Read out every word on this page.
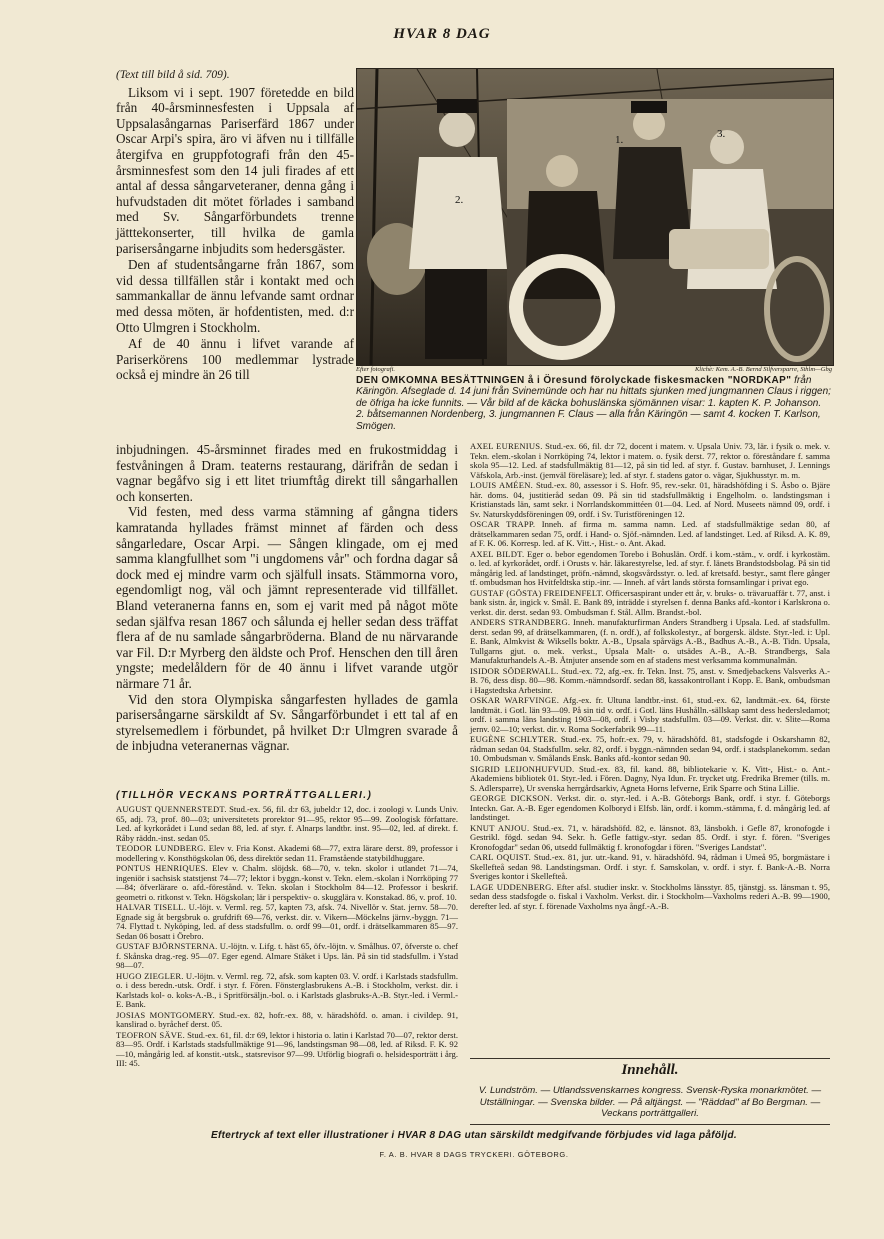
HVAR 8 DAG

(Text till bild å sid. 709).

Liksom vi i sept. 1907 företedde en bild från 40-årsminnesfesten i Uppsala af Uppsalasångarnas Pariserfärd 1867 under Oscar Arpi's spira, äro vi äfven nu i tillfälle återgifva en gruppfotografi från den 45-årsminnesfest som den 14 juli firades af ett antal af dessa sångarveteraner, denna gång i hufvudstaden dit mötet förlades i samband med Sv. Sångarförbundets trenne jätttekonserter, till hvilka de gamla parisersångarne inbjudits som hedersgäster.

Den af studentsångarne från 1867, som vid dessa tillfällen står i kontakt med och sammankallar de ännu lefvande samt ordnar med dessa möten, är hofdentisten, med. d:r Otto Ulmgren i Stockholm.

Af de 40 ännu i lifvet varande af Pariserkörens 100 medlemmar lystrade också ej mindre än 26 till

2.
1.	3.
Efter fotografi.	Klichè: Kem. A.-B. Bernd Silfversparre, Sthlm—Gbg
DEN OMKOMNA BESÄTTNINGEN å i Öresund förolyckade fiskesmacken "NORDKAP" från Käringön. Afseglade d. 14 juni från Svinemünde och har nu hittats sjunken med jungmannen Claus i riggen; de öfriga ha icke funnits. — Vår bild af de käcka bohuslänska sjömännen visar: 1. kapten K. P. Johanson. 2. båtsemannen Nordenberg, 3. jungmannen F. Claus — alla från Käringön — samt 4. kocken T. Karlson, Smögen.

inbjudningen. 45-årsminnet firades med en frukostmiddag i festvåningen å Dram. teaterns restaurang, därifrån de sedan i vagnar begåfvo sig i ett litet triumftåg direkt till sångarhallen och konserten.

Vid festen, med dess varma stämning af gångna tiders kamratanda hyllades främst minnet af färden och dess sångarledare, Oscar Arpi. — Sången klingade, om ej med samma klangfullhet som "i ungdomens vår" och fordna dagar så dock med ej mindre varm och själfull insats. Stämmorna voro, egendomligt nog, väl och jämnt representerade vid tillfället. Bland veteranerna fanns en, som ej varit med på något möte sedan själfva resan 1867 och sålunda ej heller sedan dess träffat flera af de nu samlade sångarbröderna. Bland de nu närvarande var Fil. D:r Myrberg den äldste och Prof. Henschen den till åren yngste; medelåldern för de 40 ännu i lifvet varande utgör närmare 71 år.

Vid den stora Olympiska sångarfesten hyllades de gamla parisersångarne särskildt af Sv. Sångarförbundet i ett tal af en styrelsemedlem i förbundet, på hvilket D:r Ulmgren svarade å de inbjudna veteranernas vägnar.

(TILLHÖR VECKANS PORTRÄTTGALLERI.)

AUGUST QUENNERSTEDT. Stud.-ex. 56, fil. d:r 63, jubeld:r 12, doc. i zoologi v. Lunds Univ. 65, adj. 73, prof. 80—03; universitetets prorektor 91—95, rektor 95—99. Zoologisk författare. Led. af kyrkorådet i Lund sedan 88, led. af styr. f. Alnarps landtbr. inst. 95—02, led. af direkt. f. Råby räddn.-inst. sedan 05.

TEODOR LUNDBERG. Elev v. Fria Konst. Akademi 68—77, extra lärare derst. 89, professor i modellering v. Konsthögskolan 06, dess direktör sedan 11. Framstående statybildhuggare.

PONTUS HENRIQUES. Elev v. Chalm. slöjdsk. 68—70, v. tekn. skolor i utlandet 71—74, ingeniör i sachsisk statstjenst 74—77; lektor i byggn.-konst v. Tekn. elem.-skolan i Norrköping 77—84; öfverlärare o. afd.-förestånd. v. Tekn. skolan i Stockholm 84—12. Professor i beskrif. geometri o. ritkonst v. Tekn. Högskolan; lär i perspektiv- o. skugglära v. Konstakad. 86, v. prof. 10.

HALVAR TISELL. U.-löjt. v. Verml. reg. 57, kapten 73, afsk. 74. Nivellör v. Stat. jernv. 58—70. Egnade sig åt bergsbruk o. grufdrift 69—76, verkst. dir. v. Vikern—Möckelns järnv.-byggn. 71—74. Flyttad t. Nyköping, led. af dess stadsfullm. o. ordf 99—01, ordf. i drätselkammaren 85—97. Sedan 06 bosatt i Örebro.

GUSTAF BJÖRNSTERNA. U.-löjtn. v. Lifg. t. häst 65, öfv.-löjtn. v. Smålhus. 07, öfverste o. chef f. Skånska drag.-reg. 95—07. Eger egend. Almare Stäket i Ups. län. På sin tid stadsfullm. i Ystad 98—07.

HUGO ZIEGLER. U.-löjtn. v. Verml. reg. 72, afsk. som kapten 03. V. ordf. i Karlstads stadsfullm. o. i dess beredn.-utsk. Ordf. i styr. f. Fören. Fönsterglasbrukens A.-B. i Stockholm, verkst. dir. i Karlstads kol- o. koks-A.-B., i Spritförsäljn.-bol. o. i Karlstads glasbruks-A.-B. Styr.-led. i Verml.-E. Bank.

JOSIAS MONTGOMERY. Stud.-ex. 82, hofr.-ex. 88, v. häradshöfd. o. aman. i civildep. 91, kanslirad o. byråchef derst. 05.

TEOFRON SÄVE. Stud.-ex. 61, fil. d:r 69, lektor i historia o. latin i Karlstad 70—07, rektor derst. 83—95. Ordf. i Karlstads stadsfullmäktige 91—96, landstingsman 98—08, led. af Riksd. F. K. 92—10, mångårig led. af konstit.-utsk., statsrevisor 97—99. Utförlig biografi o. helsidesporträtt i årg. III: 45.

AXEL EURENIUS. Stud.-ex. 66, fil. d:r 72, docent i matem. v. Upsala Univ. 73, lär. i fysik o. mek. v. Tekn. elem.-skolan i Norrköping 74, lektor i matem. o. fysik derst. 77, rektor o. föreståndare f. samma skola 95—12. Led. af stadsfullmäktig 81—12, på sin tid led. af styr. f. Gustav. barnhuset, J. Lennings Väfskola, Arb.-inst. (jemväl föreläsare); led. af styr. f. stadens gator o. vägar, Sjukhusstyr. m. m.

LOUIS AMÉEN. Stud.-ex. 80, assessor i S. Hofr. 95, rev.-sekr. 01, häradshöfding i S. Åsbo o. Bjäre här. doms. 04, justitieråd sedan 09. På sin tid stadsfullmäktig i Engelholm. o. landstingsman i Kristianstads län, samt sekr. i Norrlandskommittéen 01—04. Led. af Nord. Museets nämnd 09, ordf. i Sv. Naturskyddsföreningen 09, ordf. i Sv. Turistföreningen 12.

OSCAR TRAPP. Inneh. af firma m. samma namn. Led. af stadsfullmäktige sedan 80, af drätselkammaren sedan 75, ordf. i Hand- o. Sjöf.-nämnden. Led. af landstinget. Led. af Riksd. A. K. 89, af F. K. 06. Korresp. led. af K. Vitt.-, Hist.- o. Ant. Akad.

AXEL BILDT. Eger o. bebor egendomen Torebo i Bohuslän. Ordf. i kom.-stäm., v. ordf. i kyrkostäm. o. led. af kyrkorådet, ordf. i Orusts v. här. läkarestyrelse, led. af styr. f. länets Brandstodsbolag. På sin tid mångårig led. af landstinget, pröfn.-nämnd, skogsvårdsstyr. o. led. af kretsafd. bestyr., samt flere gånger tf. ombudsman hos Hvitfeldtska stip.-inr. — Inneh. af vårt lands största fornsamlingar i privat ego.

GUSTAF (GÖSTA) FREIDENFELT. Officersaspirant under ett år, v. bruks- o. trävaruaffär t. 77, anst. i bank sistn. år, ingick v. Smål. E. Bank 89, inträdde i styrelsen f. denna Banks afd.-kontor i Karlskrona o. verkst. dir. derst. sedan 93. Ombudsman f. Stål. Allm. Brandst.-bol.

ANDERS STRANDBERG. Inneh. manufakturfirman Anders Strandberg i Upsala. Led. af stadsfullm. derst. sedan 99, af drätselkammaren, (f. n. ordf.), af folkskolestyr., af borgersk. äldste. Styr.-led. i: Upl. E. Bank, Almkvist & Wiksells boktr. A.-B., Upsala spårvägs A.-B., Badhus A.-B., A.-B. Tidn. Upsala, Tullgarns gjut. o. mek. verkst., Upsala Malt- o. utsädes A.-B., A.-B. Strandbergs, Sala Manufakturhandels A.-B. Åtnjuter ansende som en af stadens mest verksamma kommunalmän.

ISIDOR SÖDERWALL. Stud.-ex. 72, afg.-ex. fr. Tekn. Inst. 75, anst. v. Smedjebackens Valsverks A.-B. 76, dess disp. 80—98. Komm.-nämndsordf. sedan 88, kassakontrollant i Kopp. E. Bank, ombudsman i Hagstedtska Arbetsinr.

OSKAR WARFVINGE. Afg.-ex. fr. Ultuna landtbr.-inst. 61, stud.-ex. 62, landtmät.-ex. 64, förste landtmät. i Gotl. län 93—09. På sin tid v. ordf. i Gotl. läns Hushålln.-sällskap samt dess hedersledamot; ordf. i samma läns landsting 1903—08, ordf. i Visby stadsfullm. 03—09. Verkst. dir. v. Slite—Roma jernv. 02—10; verkst. dir. v. Roma Sockerfabrik 99—11.

EUGÈNE SCHLYTER. Stud.-ex. 75, hofr.-ex. 79, v. häradshöfd. 81, stadsfogde i Oskarshamn 82, rådman sedan 04. Stadsfullm. sekr. 82, ordf. i byggn.-nämnden sedan 94, ordf. i stadsplanekomm. sedan 10. Ombudsman v. Smålands Ensk. Banks afd.-kontor sedan 90.

SIGRID LEIJONHUFVUD. Stud.-ex. 83, fil. kand. 88, bibliotekarie v. K. Vitt-, Hist.- o. Ant.-Akademiens bibliotek 01. Styr.-led. i Fören. Dagny, Nya Idun. Fr. trycket utg. Fredrika Bremer (tills. m. S. Adlersparre), Ur svenska herrgårdsarkiv, Agneta Horns lefverne, Erik Sparre och Stina Lillie.

GEORGE DICKSON. Verkst. dir. o. styr.-led. i A.-B. Göteborgs Bank, ordf. i styr. f. Göteborgs Inteckn. Gar. A.-B. Eger egendomen Kolboryd i Elfsb. län, ordf. i komm.-stämma, f. d. mångårig led. af landstinget.

KNUT ANJOU. Stud.-ex. 71, v. häradshöfd. 82, e. länsnot. 83, länsbokh. i Gefle 87, kronofogde i Gestrikl. fögd. sedan 94. Sekr. h. Gefle fattigv.-styr. sedan 85. Ordf. i styr. f. fören. "Sveriges Kronofogdar" sedan 06, utsedd fullmäktig f. kronofogdar i fören. "Sveriges Landstat".

CARL OQUIST. Stud.-ex. 81, jur. utr.-kand. 91, v. häradshöfd. 94, rådman i Umeå 95, borgmästare i Skellefteå sedan 98. Landstingsman. Ordf. i styr. f. Samskolan, v. ordf. i styr. f. Bank-A.-B. Norra Sveriges kontor i Skellefteå.

LAGE UDDENBERG. Efter afsl. studier inskr. v. Stockholms länsstyr. 85, tjänstgj. ss. länsman t. 95, sedan dess stadsfogde o. fiskal i Vaxholm. Verkst. dir. i Stockholm—Vaxholms rederi A.-B. 99—1900, derefter led. af styr. f. förenade Vaxholms nya ångf.-A.-B.

Innehåll.

V. Lundström. — Utlandssvenskarnes kongress. Svensk-Ryska monarkmötet. — Utställningar. — Svenska bilder. — På altjängst. — "Räddad" af Bo Bergman. — Veckans porträttgalleri.

Eftertryck af text eller illustrationer i HVAR 8 DAG utan särskildt medgifvande förbjudes vid laga påföljd.
F. A. B. HVAR 8 DAGS TRYCKERI. GÖTEBORG.
